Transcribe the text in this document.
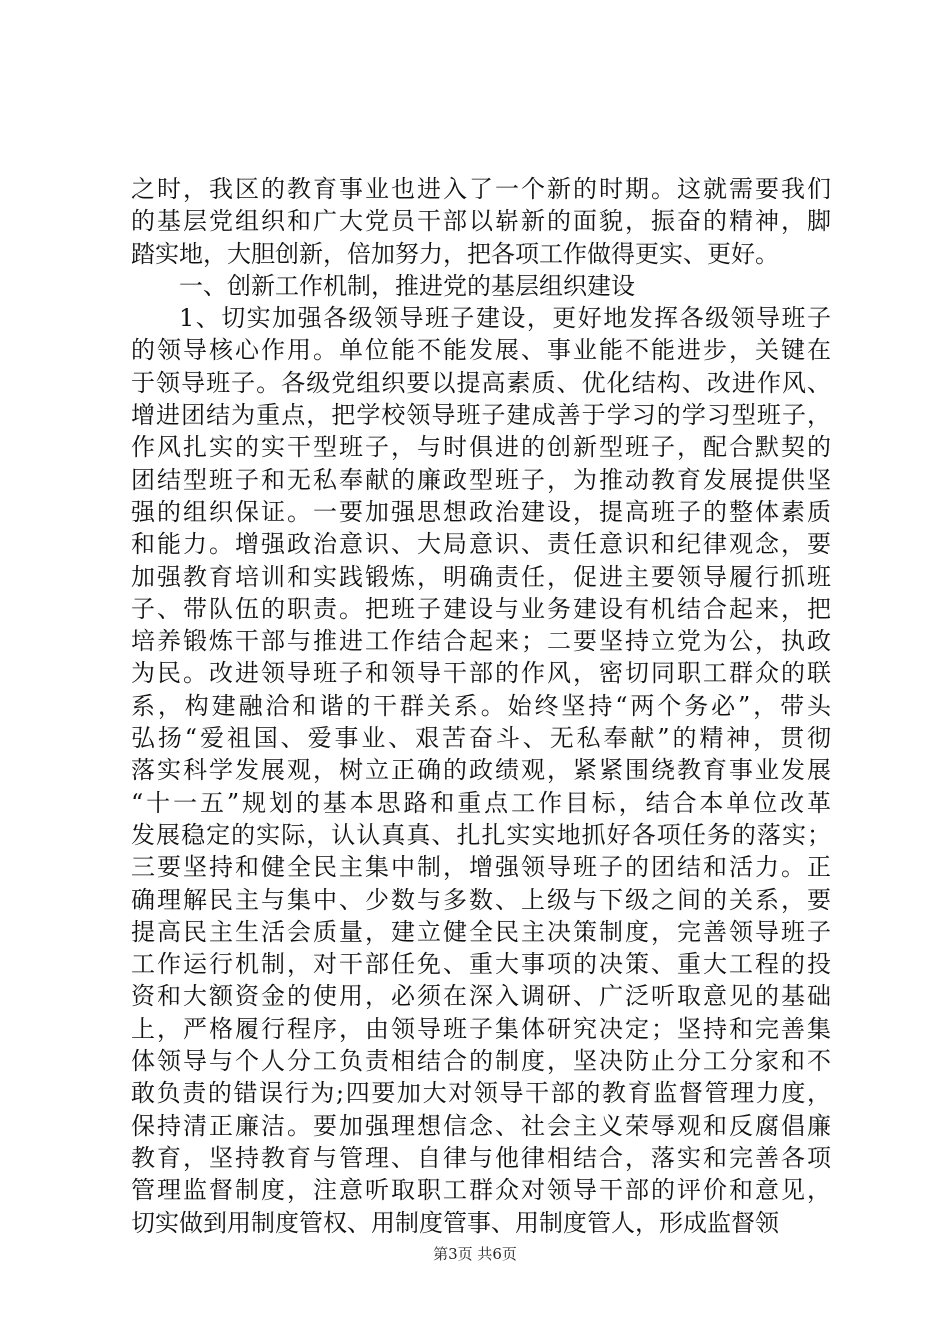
之时，我区的教育事业也进入了一个新的时期。这就需要我们
的基层党组织和广大党员干部以崭新的面貌，振奋的精神，脚
踏实地，大胆创新，倍加努力，把各项工作做得更实、更好。
一、创新工作机制，推进党的基层组织建设
1、切实加强各级领导班子建设，更好地发挥各级领导班子
的领导核心作用。单位能不能发展、事业能不能进步，关键在
于领导班子。各级党组织要以提高素质、优化结构、改进作风、
增进团结为重点，把学校领导班子建成善于学习的学习型班子，
作风扎实的实干型班子，与时俱进的创新型班子，配合默契的
团结型班子和无私奉献的廉政型班子，为推动教育发展提供坚
强的组织保证。一要加强思想政治建设，提高班子的整体素质
和能力。增强政治意识、大局意识、责任意识和纪律观念，要
加强教育培训和实践锻炼，明确责任，促进主要领导履行抓班
子、带队伍的职责。把班子建设与业务建设有机结合起来，把
培养锻炼干部与推进工作结合起来；二要坚持立党为公，执政
为民。改进领导班子和领导干部的作风，密切同职工群众的联
系，构建融洽和谐的干群关系。始终坚持“两个务必”，带头
弘扬“爱祖国、爱事业、艰苦奋斗、无私奉献”的精神，贯彻
落实科学发展观，树立正确的政绩观，紧紧围绕教育事业发展
“十一五”规划的基本思路和重点工作目标，结合本单位改革
发展稳定的实际，认认真真、扎扎实实地抓好各项任务的落实；
三要坚持和健全民主集中制，增强领导班子的团结和活力。正
确理解民主与集中、少数与多数、上级与下级之间的关系，要
提高民主生活会质量，建立健全民主决策制度，完善领导班子
工作运行机制，对干部任免、重大事项的决策、重大工程的投
资和大额资金的使用，必须在深入调研、广泛听取意见的基础
上，严格履行程序，由领导班子集体研究决定；坚持和完善集
体领导与个人分工负责相结合的制度，坚决防止分工分家和不
敢负责的错误行为;四要加大对领导干部的教育监督管理力度，
保持清正廉洁。要加强理想信念、社会主义荣辱观和反腐倡廉
教育，坚持教育与管理、自律与他律相结合，落实和完善各项
管理监督制度，注意听取职工群众对领导干部的评价和意见，
切实做到用制度管权、用制度管事、用制度管人，形成监督领
第3页 共6页
